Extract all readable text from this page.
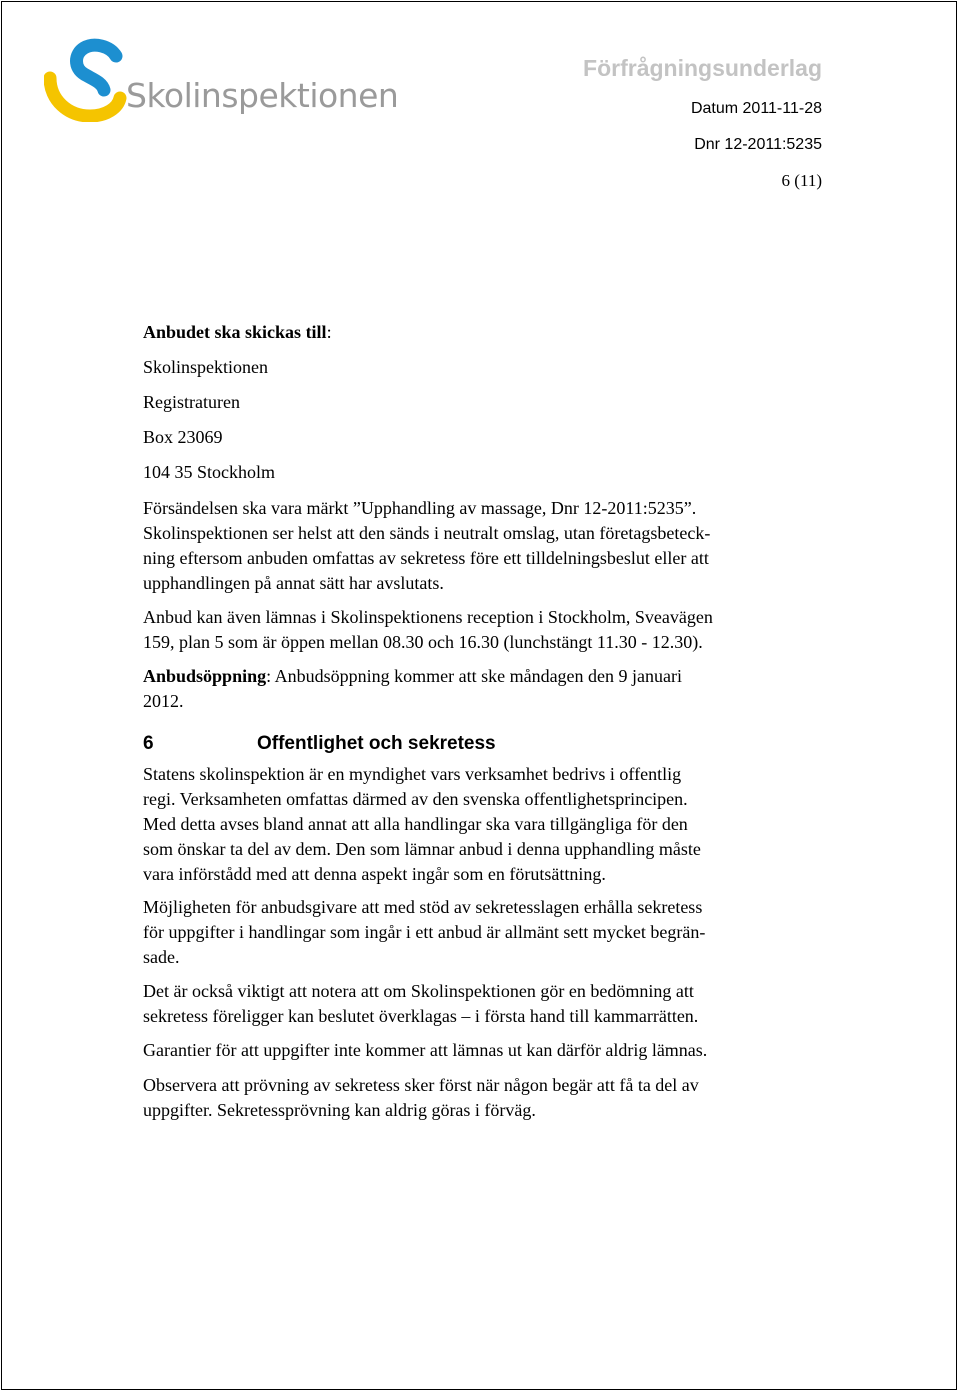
Skolinspektionen
Förfrågningsunderlag
Datum 2011-11-28
Dnr 12-2011:5235
6 (11)
Anbudet ska skickas till:
Skolinspektionen
Registraturen
Box 23069
104 35 Stockholm
Försändelsen ska vara märkt ”Upphandling av massage, Dnr 12-2011:5235”.
Skolinspektionen ser helst att den sänds i neutralt omslag, utan företagsbeteck-
ning eftersom anbuden omfattas av sekretess före ett tilldelningsbeslut eller att
upphandlingen på annat sätt har avslutats.
Anbud kan även lämnas i Skolinspektionens reception i Stockholm, Sveavägen
159, plan 5 som är öppen mellan 08.30 och 16.30 (lunchstängt 11.30 - 12.30).
Anbudsöppning: Anbudsöppning kommer att ske måndagen den 9 januari
2012.
6	Offentlighet och sekretess
Statens skolinspektion är en myndighet vars verksamhet bedrivs i offentlig
regi. Verksamheten omfattas därmed av den svenska offentlighetsprincipen.
Med detta avses bland annat att alla handlingar ska vara tillgängliga för den
som önskar ta del av dem. Den som lämnar anbud i denna upphandling måste
vara införstådd med att denna aspekt ingår som en förutsättning.
Möjligheten för anbudsgivare att med stöd av sekretesslagen erhålla sekretess
för uppgifter i handlingar som ingår i ett anbud är allmänt sett mycket begrän-
sade.
Det är också viktigt att notera att om Skolinspektionen gör en bedömning att
sekretess föreligger kan beslutet överklagas – i första hand till kammarrätten.
Garantier för att uppgifter inte kommer att lämnas ut kan därför aldrig lämnas.
Observera att prövning av sekretess sker först när någon begär att få ta del av
uppgifter. Sekretessprövning kan aldrig göras i förväg.
